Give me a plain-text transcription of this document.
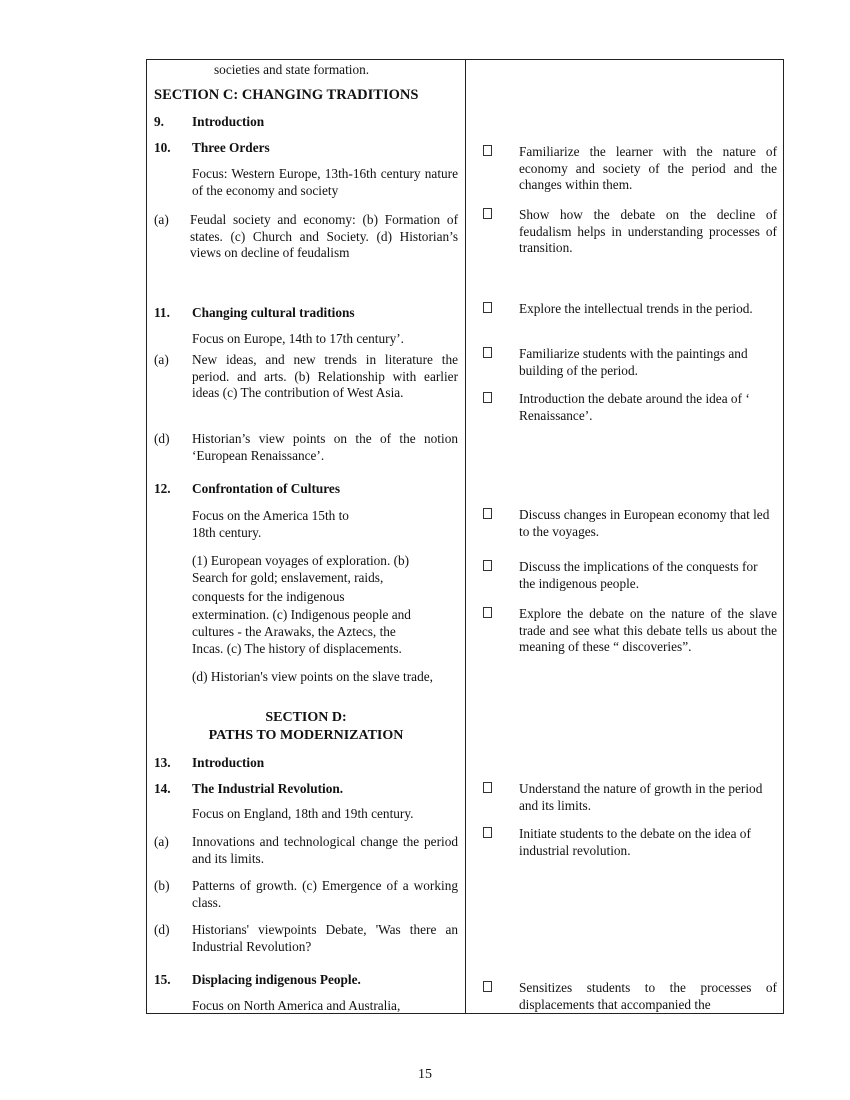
societies and state formation.
SECTION C: CHANGING TRADITIONS
9. Introduction
10. Three Orders
Focus: Western Europe, 13th-16th century nature of the economy and society
(a) Feudal society and economy: (b) Formation of states. (c) Church and Society. (d) Historian’s views on decline of feudalism
11. Changing cultural traditions
Focus on Europe, 14th to 17th century’.
(a) New ideas, and new trends in literature the period. and arts. (b) Relationship with earlier ideas (c) The contribution of West Asia.
(d) Historian’s view points on the of the notion ‘European Renaissance’.
12. Confrontation of Cultures
Focus on the America 15th to
18th century.
(1) European voyages of exploration. (b)
Search for gold; enslavement, raids,
conquests for the indigenous
extermination. (c) Indigenous people and
cultures - the Arawaks, the Aztecs, the
Incas. (c) The history of displacements.
(d) Historian's view points on the slave trade,
SECTION D:
PATHS TO MODERNIZATION
13. Introduction
14. The Industrial Revolution.
Focus on England, 18th and 19th century.
(a) Innovations and technological change the period and its limits.
(b) Patterns of growth. (c) Emergence of a working class.
(d) Historians' viewpoints Debate, 'Was there an Industrial Revolution?
15. Displacing indigenous People.
Focus on North America and Australia,
Familiarize the learner with the nature of economy and society of the period and the changes within them.
Show how the debate on the decline of feudalism helps in understanding processes of transition.
Explore the intellectual trends in the period.
Familiarize students with the paintings and building of the period.
Introduction the debate around the idea of ‘ Renaissance’.
Discuss changes in European economy that led to the voyages.
Discuss the implications of the conquests for the indigenous people.
Explore the debate on the nature of the slave trade and see what this debate tells us about the meaning of these “ discoveries”.
Understand the nature of growth in the period and its limits.
Initiate students to the debate on the idea of industrial revolution.
Sensitizes students to the processes of displacements that accompanied the
15
